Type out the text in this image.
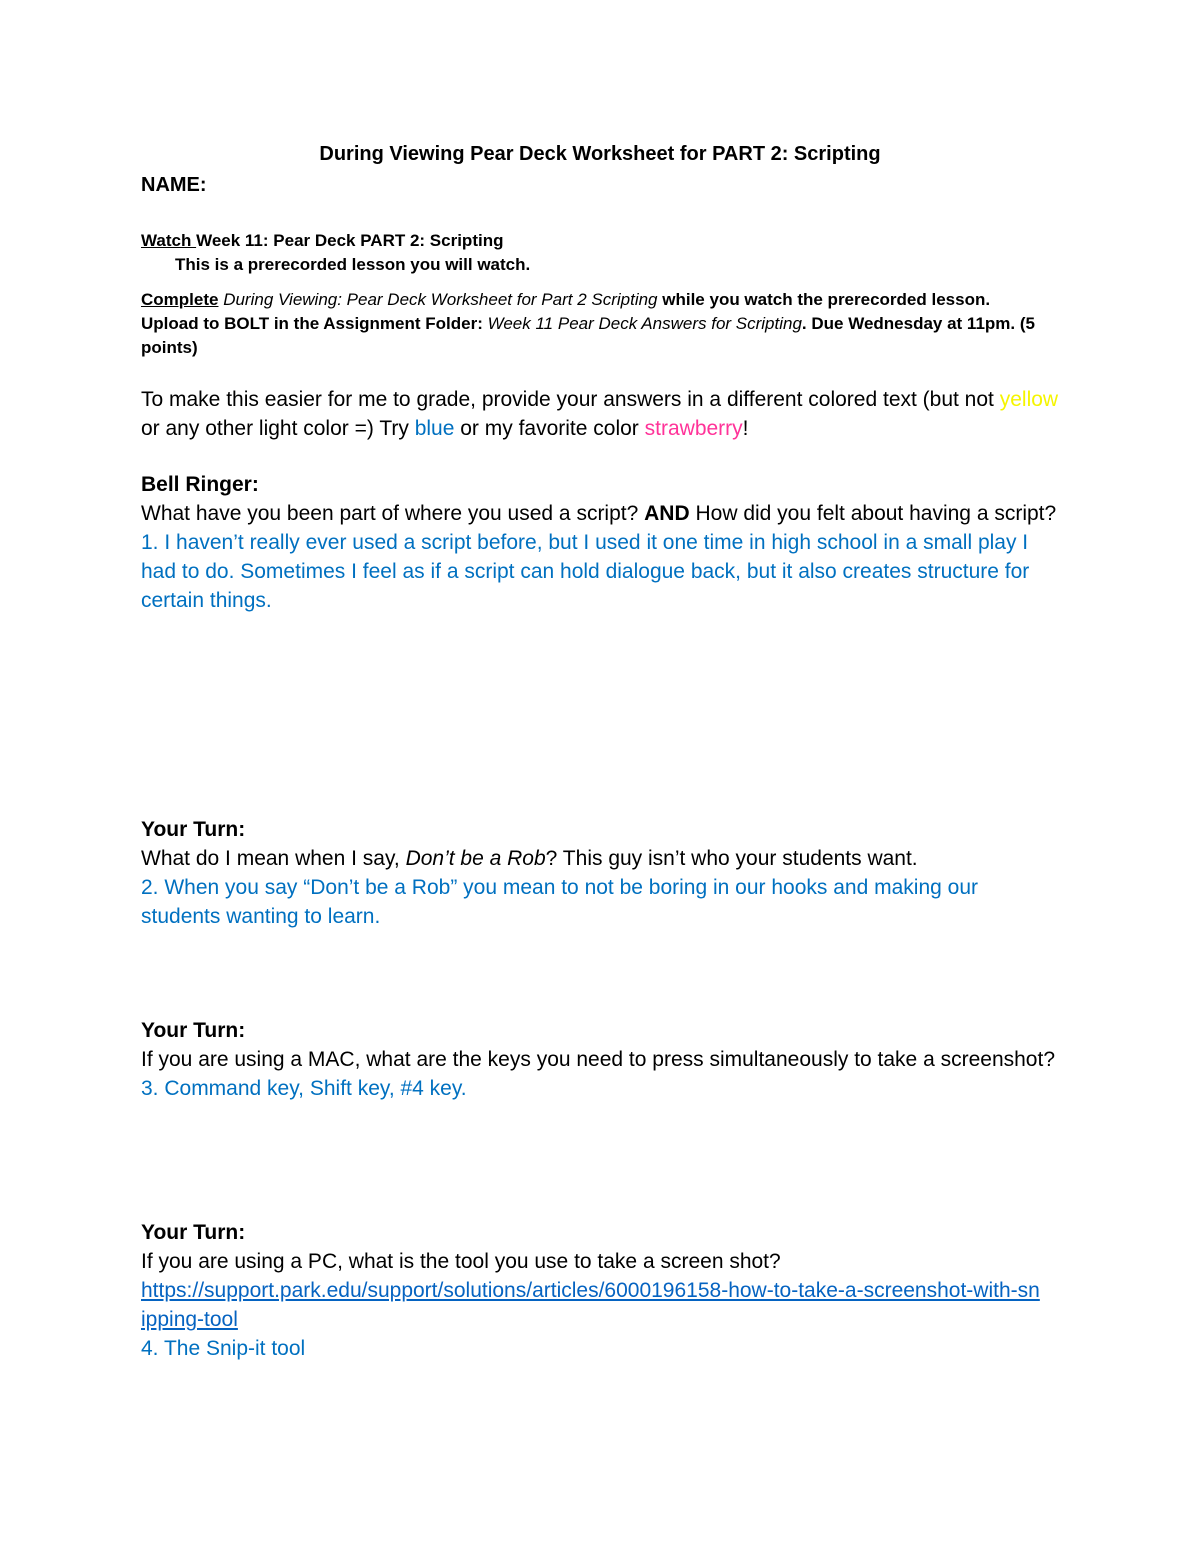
During Viewing Pear Deck Worksheet for PART 2: Scripting
NAME:
Watch Week 11: Pear Deck PART 2: Scripting
This is a prerecorded lesson you will watch.
Complete During Viewing: Pear Deck Worksheet for Part 2 Scripting while you watch the prerecorded lesson.
Upload to BOLT in the Assignment Folder: Week 11 Pear Deck Answers for Scripting. Due Wednesday at 11pm. (5 points)
To make this easier for me to grade, provide your answers in a different colored text (but not yellow or any other light color =) Try blue or my favorite color strawberry!
Bell Ringer:
What have you been part of where you used a script? AND How did you felt about having a script?
1. I haven’t really ever used a script before, but I used it one time in high school in a small play I had to do. Sometimes I feel as if a script can hold dialogue back, but it also creates structure for certain things.
Your Turn:
What do I mean when I say, Don’t be a Rob? This guy isn’t who your students want.
2. When you say “Don’t be a Rob” you mean to not be boring in our hooks and making our students wanting to learn.
Your Turn:
If you are using a MAC, what are the keys you need to press simultaneously to take a screenshot?
3. Command key, Shift key, #4 key.
Your Turn:
If you are using a PC, what is the tool you use to take a screen shot?
https://support.park.edu/support/solutions/articles/6000196158-how-to-take-a-screenshot-with-snipping-tool
4. The Snip-it tool
